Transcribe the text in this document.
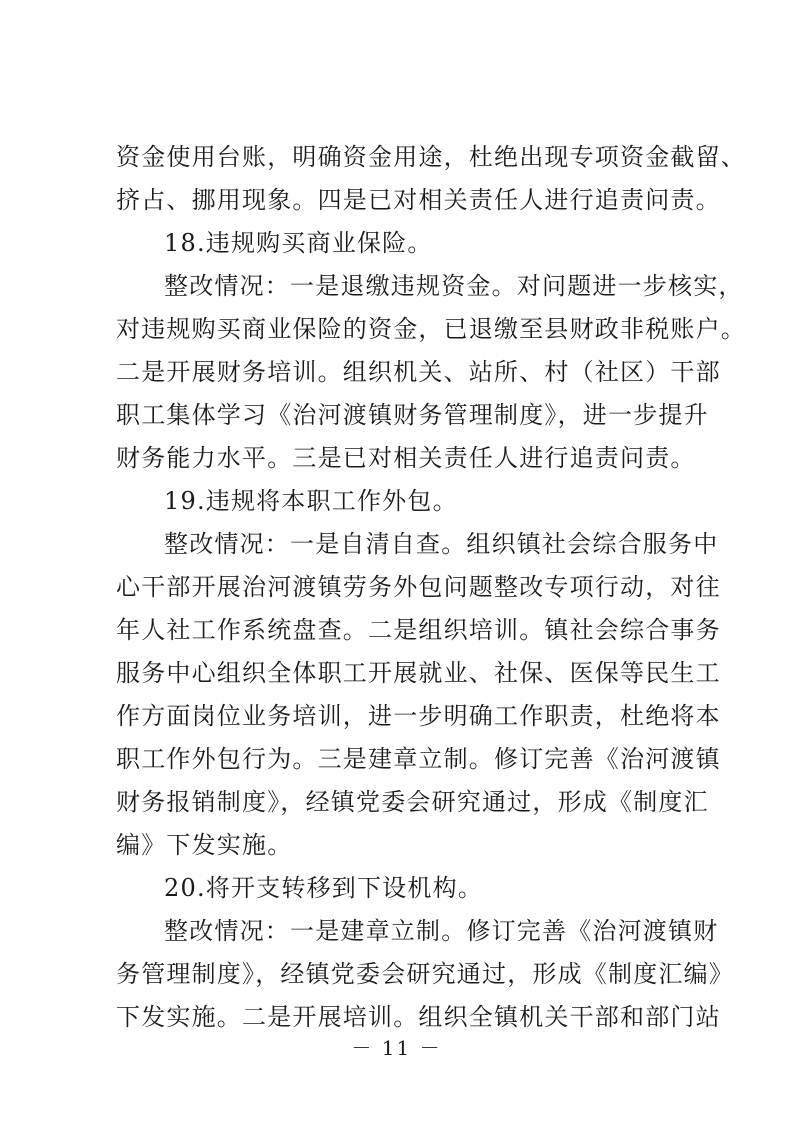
资金使用台账，明确资金用途，杜绝出现专项资金截留、
挤占、挪用现象。四是已对相关责任人进行追责问责。
18.违规购买商业保险。
整改情况：一是退缴违规资金。对问题进一步核实，
对违规购买商业保险的资金，已退缴至县财政非税账户。
二是开展财务培训。组织机关、站所、村（社区）干部
职工集体学习《治河渡镇财务管理制度》，进一步提升
财务能力水平。三是已对相关责任人进行追责问责。
19.违规将本职工作外包。
整改情况：一是自清自查。组织镇社会综合服务中
心干部开展治河渡镇劳务外包问题整改专项行动，对往
年人社工作系统盘查。二是组织培训。镇社会综合事务
服务中心组织全体职工开展就业、社保、医保等民生工
作方面岗位业务培训，进一步明确工作职责，杜绝将本
职工作外包行为。三是建章立制。修订完善《治河渡镇
财务报销制度》，经镇党委会研究通过，形成《制度汇
编》下发实施。
20.将开支转移到下设机构。
整改情况：一是建章立制。修订完善《治河渡镇财
务管理制度》，经镇党委会研究通过，形成《制度汇编》
下发实施。二是开展培训。组织全镇机关干部和部门站
－ 11 －
